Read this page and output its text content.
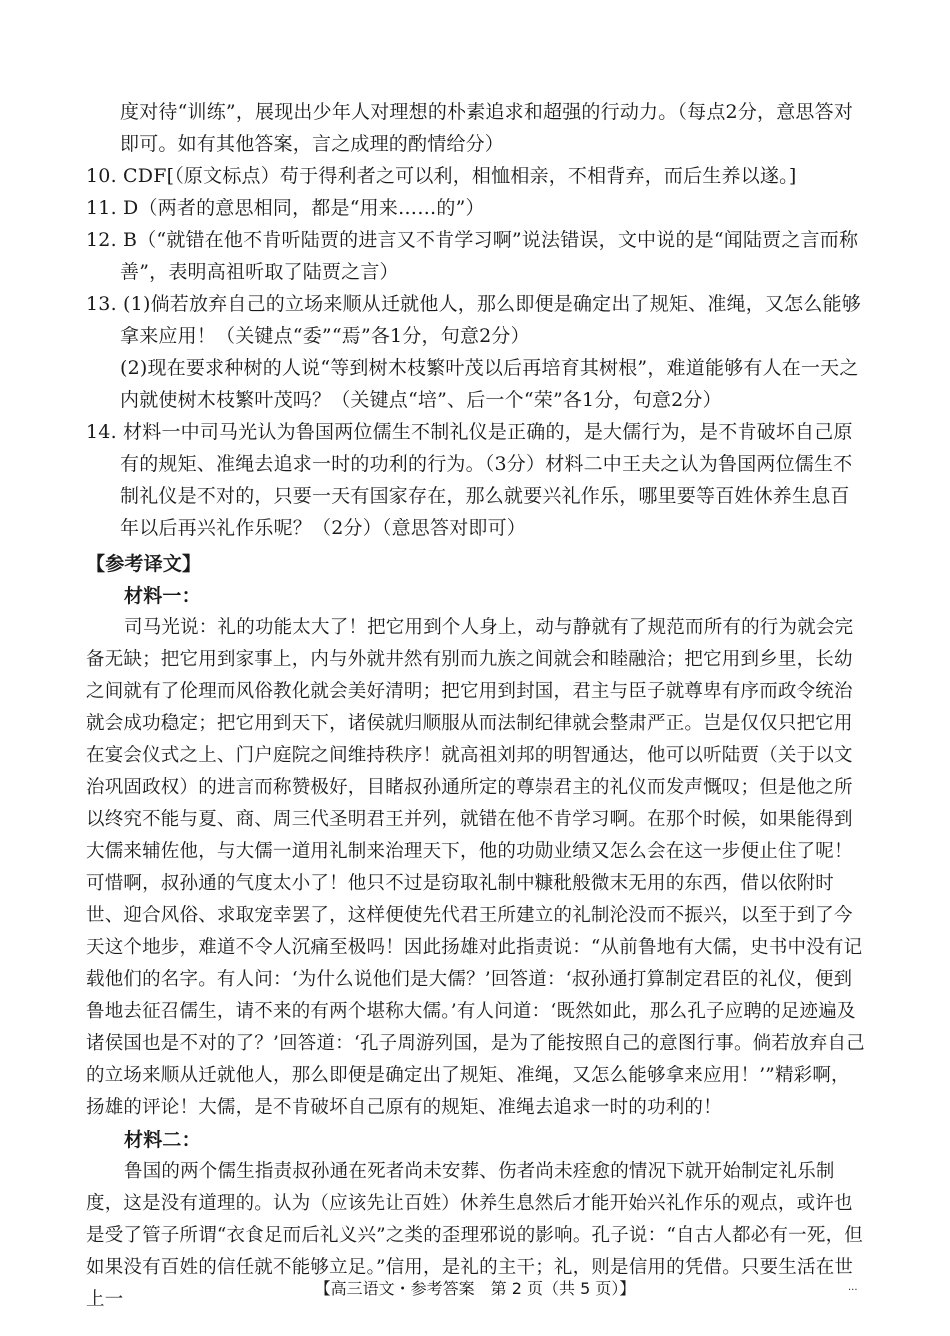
度对待“训练”，展现出少年人对理想的朴素追求和超强的行动力。（每点2分，意思答对即可。如有其他答案，言之成理的酌情给分）

10. CDF[（原文标点）苟于得利者之可以利，相恤相亲，不相背弃，而后生养以遂。]

11. D（两者的意思相同，都是“用来……的”）

12. B（“就错在他不肯听陆贾的进言又不肯学习啊”说法错误，文中说的是“闻陆贾之言而称善”，表明高祖听取了陆贾之言）

13. (1)倘若放弃自己的立场来顺从迁就他人，那么即便是确定出了规矩、准绳，又怎么能够拿来应用！（关键点“委”“焉”各1分，句意2分）

(2)现在要求种树的人说“等到树木枝繁叶茂以后再培育其树根”，难道能够有人在一天之内就使树木枝繁叶茂吗？（关键点“培”、后一个“荣”各1分，句意2分）

14. 材料一中司马光认为鲁国两位儒生不制礼仪是正确的，是大儒行为，是不肯破坏自己原有的规矩、准绳去追求一时的功利的行为。（3分）材料二中王夫之认为鲁国两位儒生不制礼仪是不对的，只要一天有国家存在，那么就要兴礼作乐，哪里要等百姓休养生息百年以后再兴礼作乐呢？（2分）（意思答对即可）

【参考译文】

材料一：

司马光说：礼的功能太大了！把它用到个人身上，动与静就有了规范而所有的行为就会完备无缺；把它用到家事上，内与外就井然有别而九族之间就会和睦融洽；把它用到乡里，长幼之间就有了伦理而风俗教化就会美好清明；把它用到封国，君主与臣子就尊卑有序而政令统治就会成功稳定；把它用到天下，诸侯就归顺服从而法制纪律就会整肃严正。岂是仅仅只把它用在宴会仪式之上、门户庭院之间维持秩序！就高祖刘邦的明智通达，他可以听陆贾（关于以文治巩固政权）的进言而称赞极好，目睹叔孙通所定的尊崇君主的礼仪而发声慨叹；但是他之所以终究不能与夏、商、周三代圣明君王并列，就错在他不肯学习啊。在那个时候，如果能得到大儒来辅佐他，与大儒一道用礼制来治理天下，他的功勋业绩又怎么会在这一步便止住了呢！可惜啊，叔孙通的气度太小了！他只不过是窃取礼制中糠秕般微末无用的东西，借以依附时世、迎合风俗、求取宠幸罢了，这样便使先代君王所建立的礼制沦没而不振兴，以至于到了今天这个地步，难道不令人沉痛至极吗！因此扬雄对此指责说：“从前鲁地有大儒，史书中没有记载他们的名字。有人问：‘为什么说他们是大儒？’回答道：‘叔孙通打算制定君臣的礼仪，便到鲁地去征召儒生，请不来的有两个堪称大儒。’有人问道：‘既然如此，那么孔子应聘的足迹遍及诸侯国也是不对的了？’回答道：‘孔子周游列国，是为了能按照自己的意图行事。倘若放弃自己的立场来顺从迁就他人，那么即便是确定出了规矩、准绳，又怎么能够拿来应用！’”精彩啊，扬雄的评论！大儒，是不肯破坏自己原有的规矩、准绳去追求一时的功利的！

材料二：

鲁国的两个儒生指责叔孙通在死者尚未安葬、伤者尚未痊愈的情况下就开始制定礼乐制度，这是没有道理的。认为（应该先让百姓）休养生息然后才能开始兴礼作乐的观点，或许也是受了管子所谓“衣食足而后礼义兴”之类的歪理邪说的影响。孔子说：“自古人都必有一死，但如果没有百姓的信任就不能够立足。”信用，是礼的主干；礼，则是信用的凭借。只要生活在世上一

【高三语文・参考答案　第 2 页（共 5 页）】	...
